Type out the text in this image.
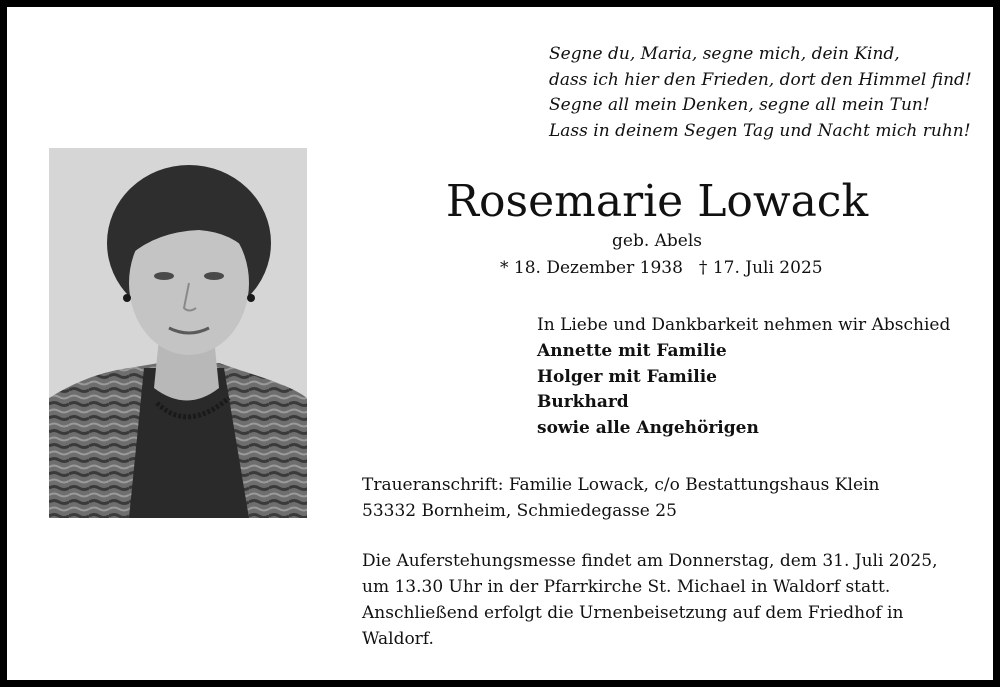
Segne du, Maria, segne mich, dein Kind,
dass ich hier den Frieden, dort den Himmel find!
Segne all mein Denken, segne all mein Tun!
Lass in deinem Segen Tag und Nacht mich ruhn!
Rosemarie Lowack
geb. Abels
* 18. Dezember 1938 † 17. Juli 2025
In Liebe und Dankbarkeit nehmen wir Abschied
Annette mit Familie
Holger mit Familie
Burkhard
sowie alle Angehörigen
Traueranschrift: Familie Lowack, c/o Bestattungshaus Klein
53332 Bornheim, Schmiedegasse 25
Die Auferstehungsmesse findet am Donnerstag, dem 31. Juli 2025,
um 13.30 Uhr in der Pfarrkirche St. Michael in Waldorf statt.
Anschließend erfolgt die Urnenbeisetzung auf dem Friedhof in
Waldorf.
